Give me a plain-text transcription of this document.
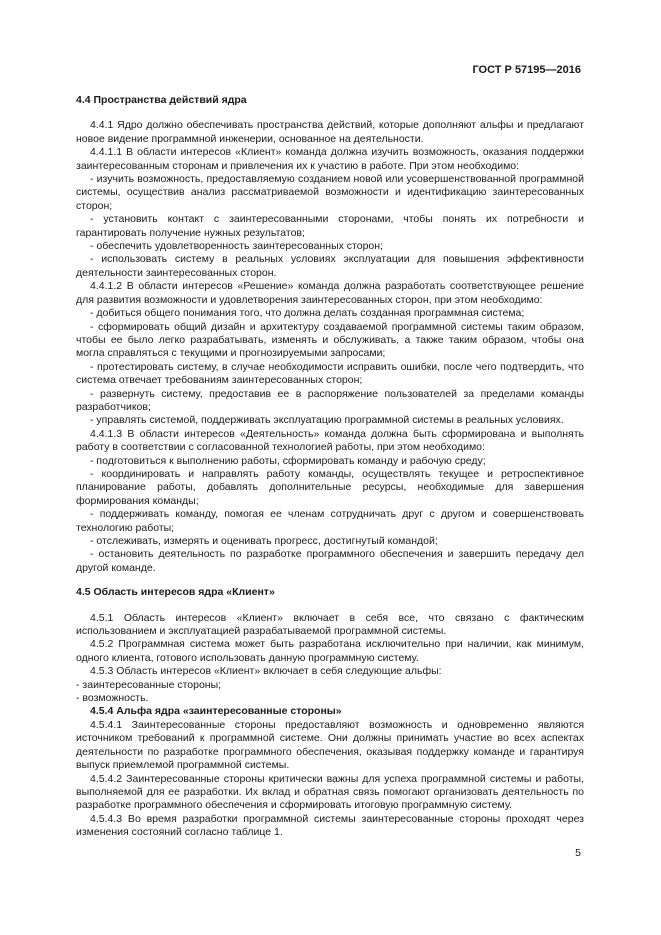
ГОСТ Р 57195—2016

4.4 Пространства действий ядра

4.4.1 Ядро должно обеспечивать пространства действий, которые дополняют альфы и предлагают новое видение программной инженерии, основанное на деятельности.

4.4.1.1 В области интересов «Клиент» команда должна изучить возможность, оказания поддержки заинтересованным сторонам и привлечения их к участию в работе. При этом необходимо:

- изучить возможность, предоставляемую созданием новой или усовершенствованной программной системы, осуществив анализ рассматриваемой возможности и идентификацию заинтересованных сторон;

- установить контакт с заинтересованными сторонами, чтобы понять их потребности и гарантировать получение нужных результатов;

- обеспечить удовлетворенность заинтересованных сторон;

- использовать систему в реальных условиях эксплуатации для повышения эффективности деятельности заинтересованных сторон.

4.4.1.2 В области интересов «Решение» команда должна разработать соответствующее решение для развития возможности и удовлетворения заинтересованных сторон, при этом необходимо:

- добиться общего понимания того, что должна делать созданная программная система;

- сформировать общий дизайн и архитектуру создаваемой программной системы таким образом, чтобы ее было легко разрабатывать, изменять и обслуживать, а также таким образом, чтобы она могла справляться с текущими и прогнозируемыми запросами;

- протестировать систему, в случае необходимости исправить ошибки, после чего подтвердить, что система отвечает требованиям заинтересованных сторон;

- развернуть систему, предоставив ее в распоряжение пользователей за пределами команды разработчиков;

- управлять системой, поддерживать эксплуатацию программной системы в реальных условиях.

4.4.1.3 В области интересов «Деятельность» команда должна быть сформирована и выполнять работу в соответствии с согласованной технологией работы, при этом необходимо:

- подготовиться к выполнению работы, сформировать команду и рабочую среду;

- координировать и направлять работу команды, осуществлять текущее и ретроспективное планирование работы, добавлять дополнительные ресурсы, необходимые для завершения формирования команды;

- поддерживать команду, помогая ее членам сотрудничать друг с другом и совершенствовать технологию работы;

- отслеживать, измерять и оценивать прогресс, достигнутый командой;

- остановить деятельность по разработке программного обеспечения и завершить передачу дел другой команде.

4.5 Область интересов ядра «Клиент»

4.5.1 Область интересов «Клиент» включает в себя все, что связано с фактическим использованием и эксплуатацией разрабатываемой программной системы.

4.5.2 Программная система может быть разработана исключительно при наличии, как минимум, одного клиента, готового использовать данную программную систему.

4.5.3 Область интересов «Клиент» включает в себя следующие альфы:

- заинтересованные стороны;

- возможность.

4.5.4 Альфа ядра «заинтересованные стороны»

4.5.4.1 Заинтересованные стороны предоставляют возможность и одновременно являются источником требований к программной системе. Они должны принимать участие во всех аспектах деятельности по разработке программного обеспечения, оказывая поддержку команде и гарантируя выпуск приемлемой программной системы.

4.5.4.2 Заинтересованные стороны критически важны для успеха программной системы и работы, выполняемой для ее разработки. Их вклад и обратная связь помогают организовать деятельность по разработке программного обеспечения и сформировать итоговую программную систему.

4.5.4.3 Во время разработки программной системы заинтересованные стороны проходят через изменения состояний согласно таблице 1.

5
